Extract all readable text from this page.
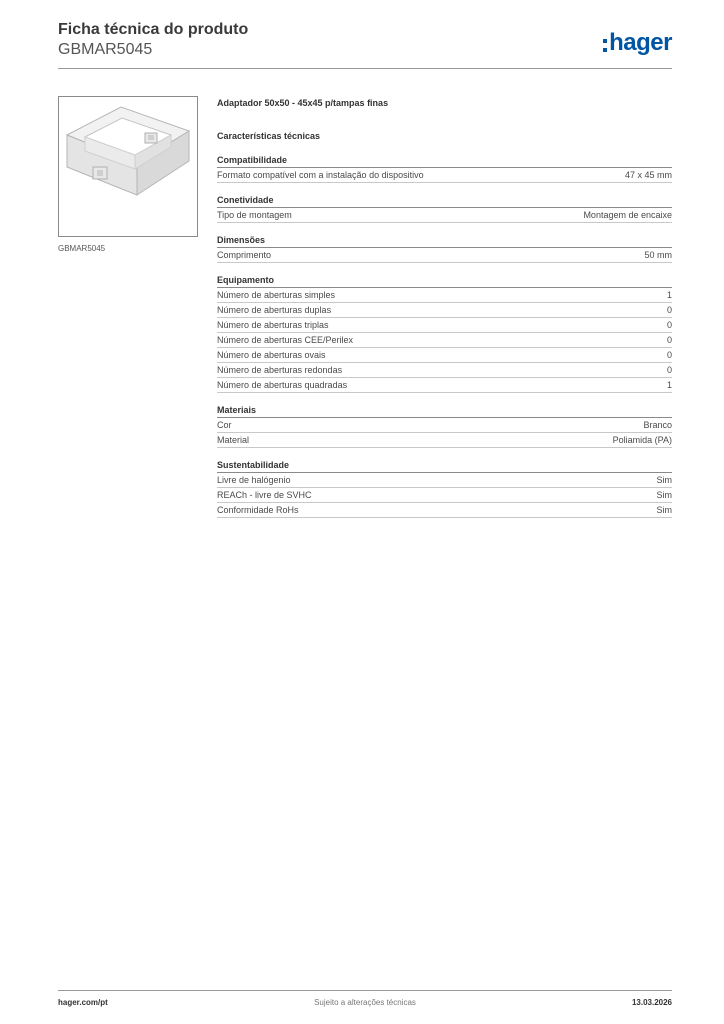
Ficha técnica do produto
GBMAR5045	hager
GBMAR5045
Adaptador 50x50 - 45x45 p/tampas finas
Características técnicas
Compatibilidade
Formato compatível com a instalação do dispositivo	47 x 45 mm
Conetividade
Tipo de montagem	Montagem de encaixe
Dimensões
Comprimento	50 mm
Equipamento
Número de aberturas simples	1
Número de aberturas duplas	0
Número de aberturas triplas	0
Número de aberturas CEE/Perilex	0
Número de aberturas ovais	0
Número de aberturas redondas	0
Número de aberturas quadradas	1
Materiais
Cor	Branco
Material	Poliamida (PA)
Sustentabilidade
Livre de halógenio	Sim
REACh - livre de SVHC	Sim
Conformidade RoHs	Sim
hager.com/pt	Sujeito a alterações técnicas	13.03.2026
